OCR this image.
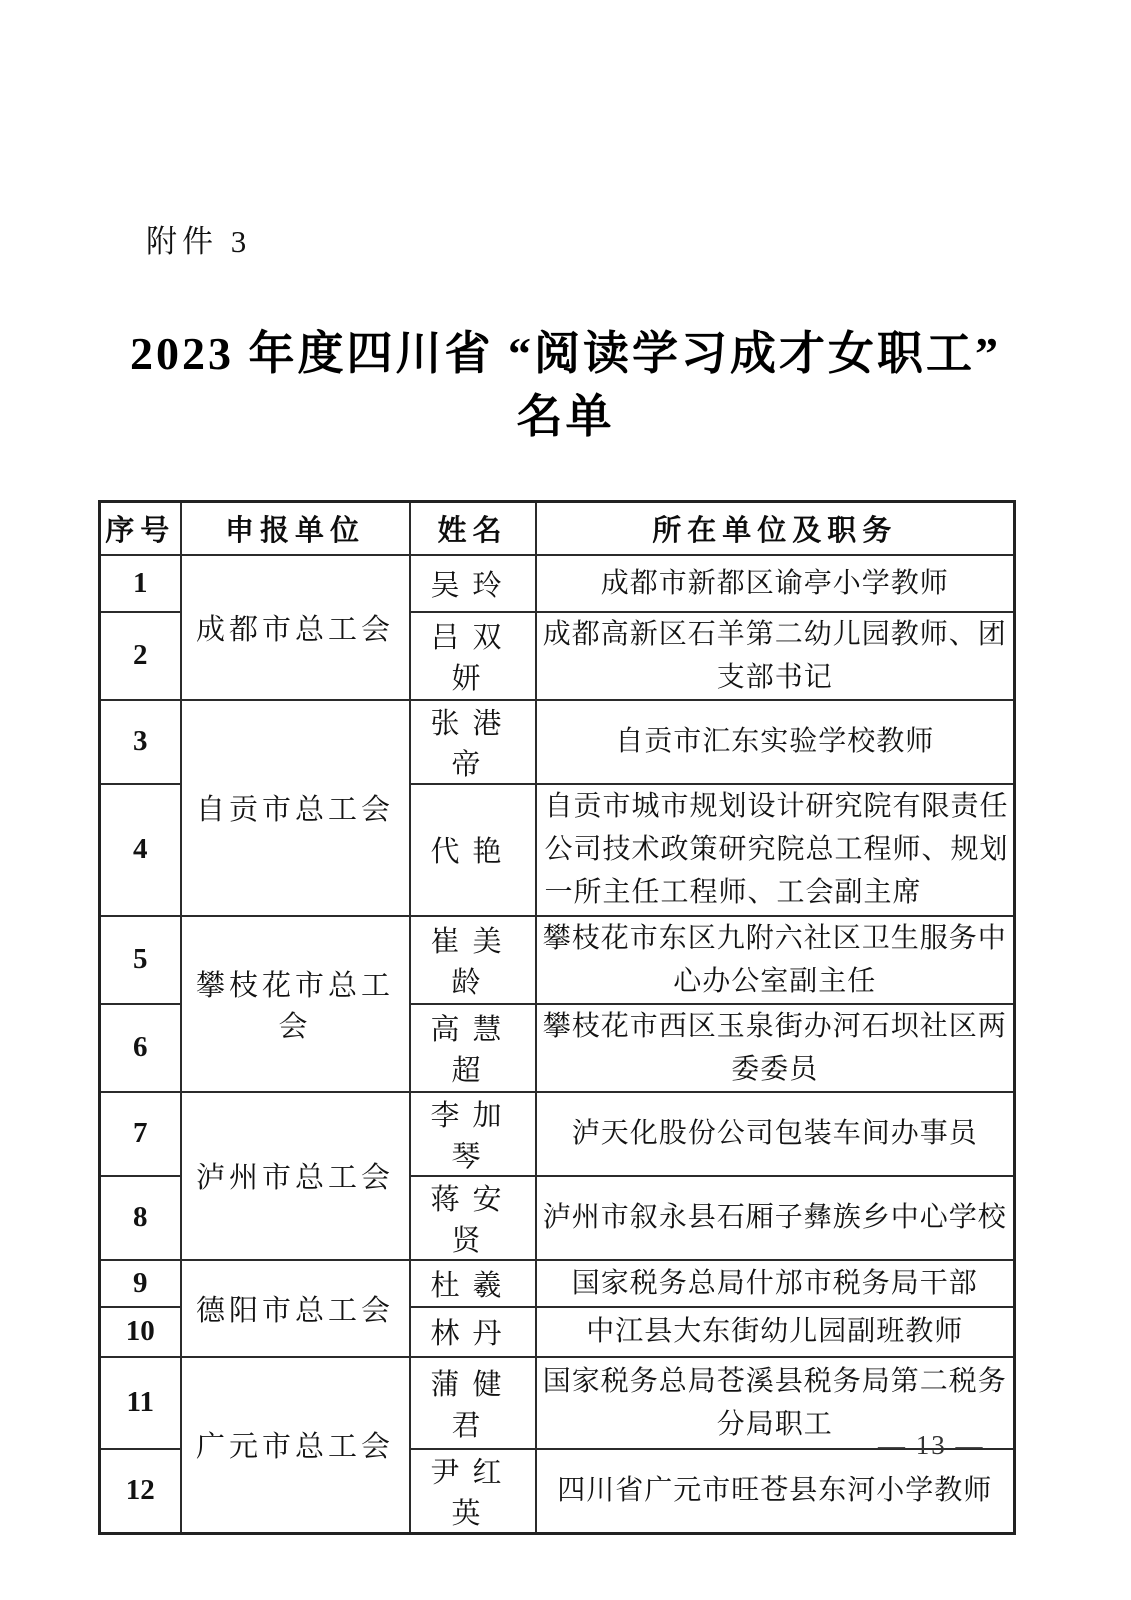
附件 3
2023 年度四川省 “阅读学习成才女职工”
名单
序号	申报单位	姓名	所在单位及职务
1	成都市总工会	吴玲	成都市新都区谕亭小学教师
2		吕双妍	成都高新区石羊第二幼儿园教师、团支部书记
3	自贡市总工会	张港帝	自贡市汇东实验学校教师
4		代艳	自贡市城市规划设计研究院有限责任公司技术政策研究院总工程师、规划一所主任工程师、工会副主席
5	攀枝花市总工会	崔美龄	攀枝花市东区九附六社区卫生服务中心办公室副主任
6		高慧超	攀枝花市西区玉泉街办河石坝社区两委委员
7	泸州市总工会	李加琴	泸天化股份公司包装车间办事员
8		蒋安贤	泸州市叙永县石厢子彝族乡中心学校
9	德阳市总工会	杜羲	国家税务总局什邡市税务局干部
10		林丹	中江县大东街幼儿园副班教师
11	广元市总工会	蒲健君	国家税务总局苍溪县税务局第二税务分局职工
12		尹红英	四川省广元市旺苍县东河小学教师
— 13 —
